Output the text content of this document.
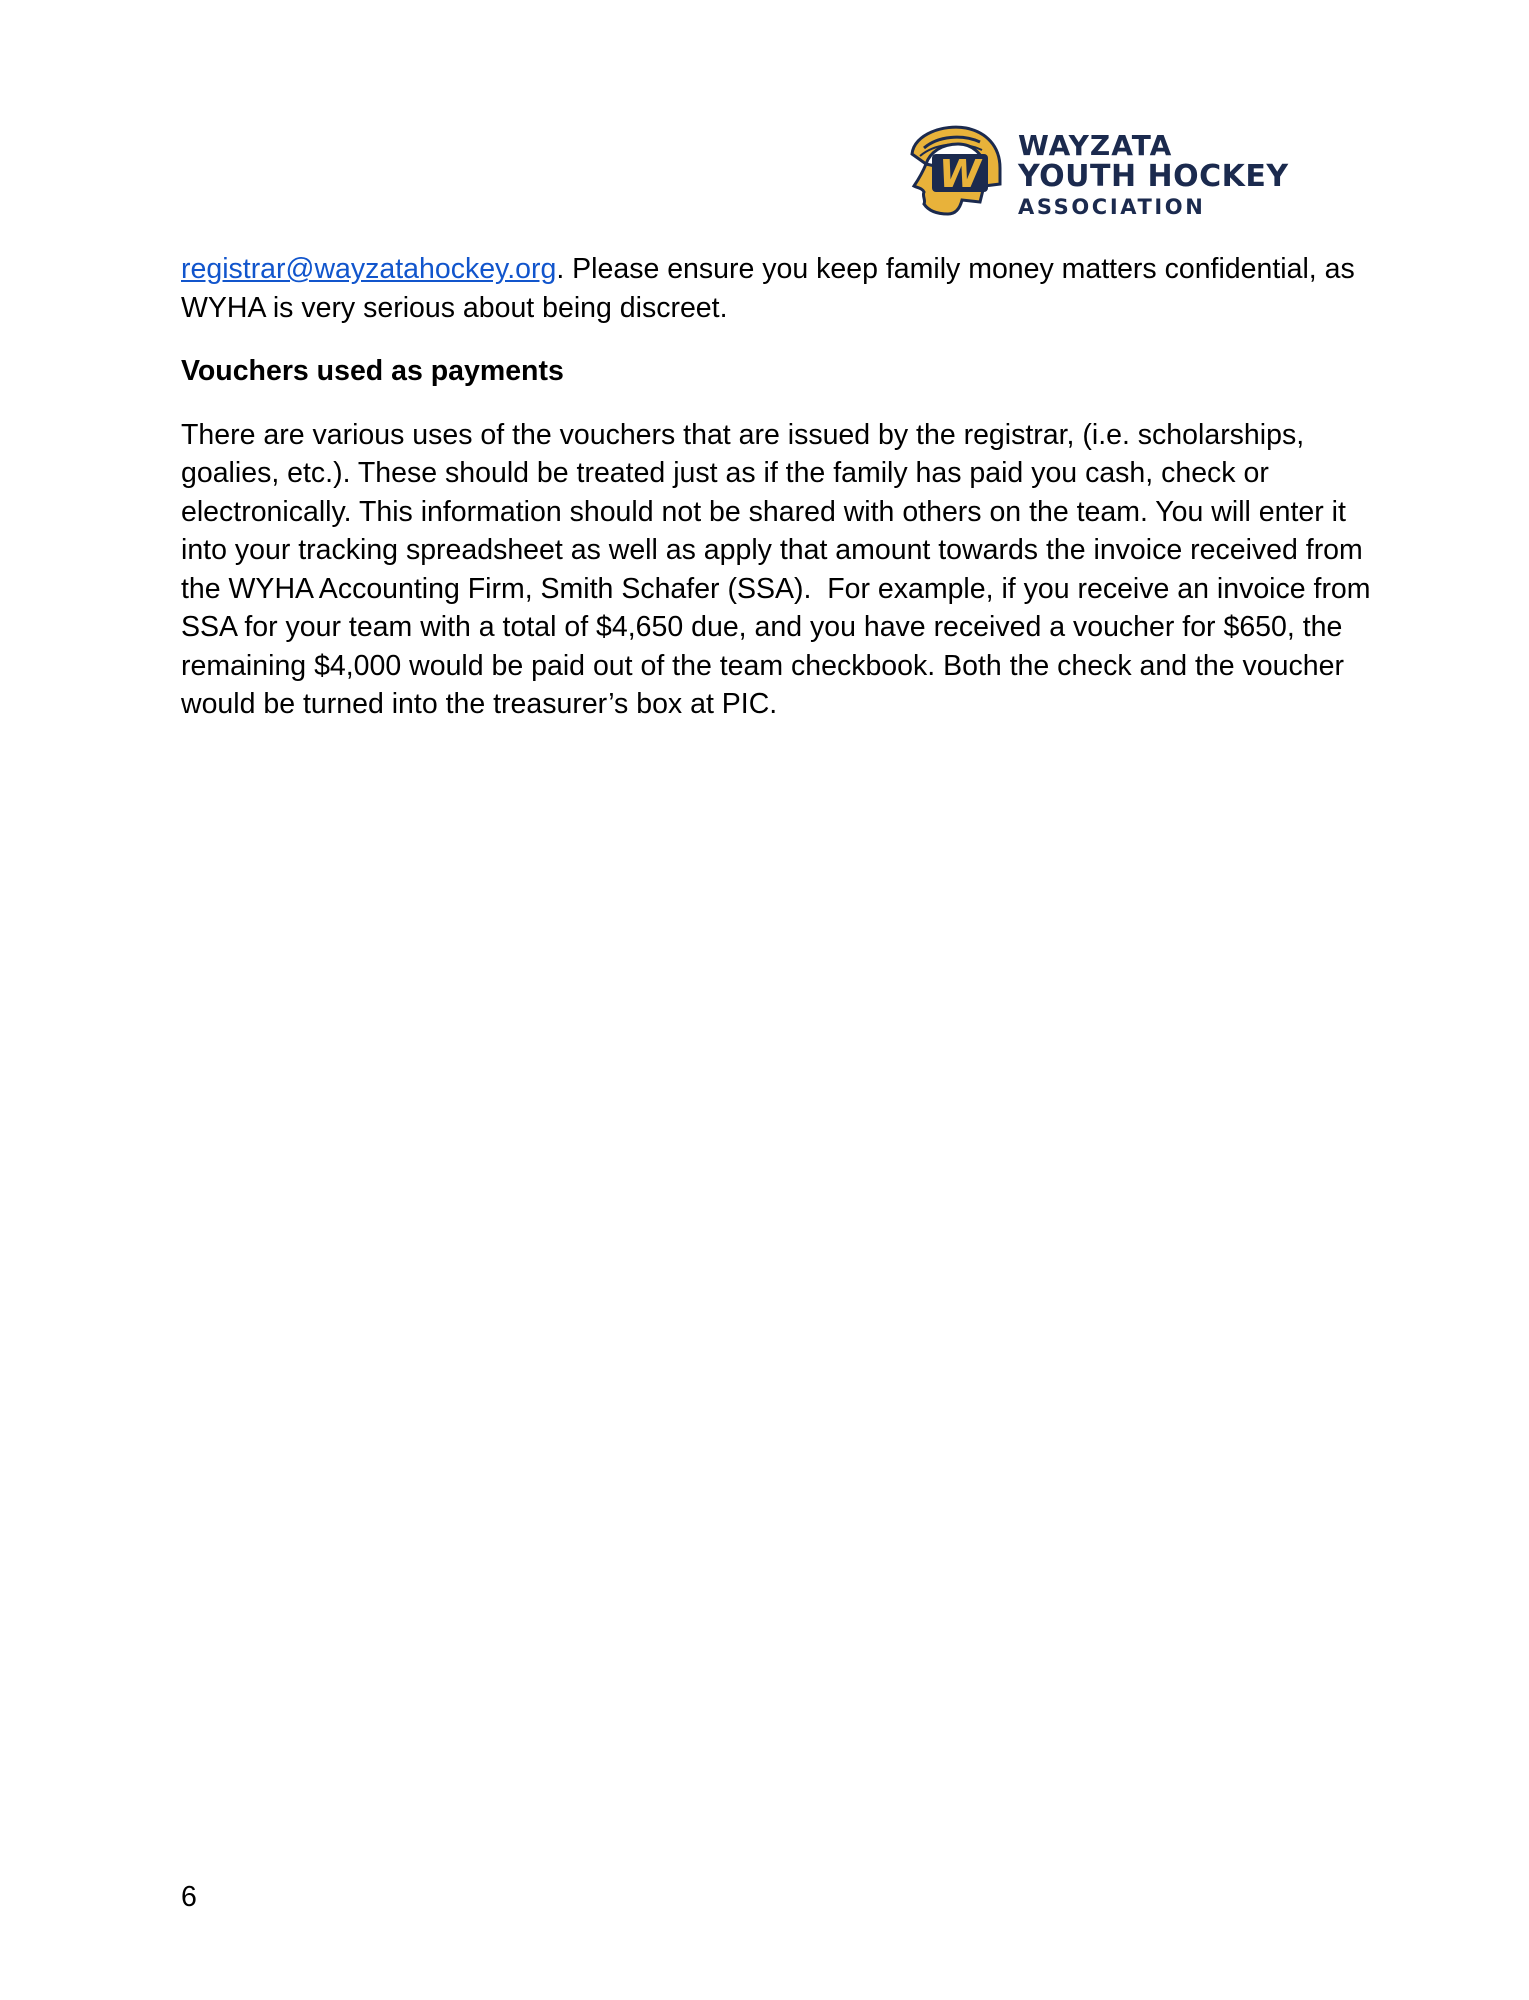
W
WAYZATA
YOUTH HOCKEY
ASSOCIATION

registrar@wayzatahockey.org. Please ensure you keep family money matters confidential, as WYHA is very serious about being discreet.

Vouchers used as payments

There are various uses of the vouchers that are issued by the registrar, (i.e. scholarships, goalies, etc.). These should be treated just as if the family has paid you cash, check or electronically. This information should not be shared with others on the team. You will enter it into your tracking spreadsheet as well as apply that amount towards the invoice received from the WYHA Accounting Firm, Smith Schafer (SSA).  For example, if you receive an invoice from SSA for your team with a total of $4,650 due, and you have received a voucher for $650, the remaining $4,000 would be paid out of the team checkbook. Both the check and the voucher would be turned into the treasurer’s box at PIC.

6
